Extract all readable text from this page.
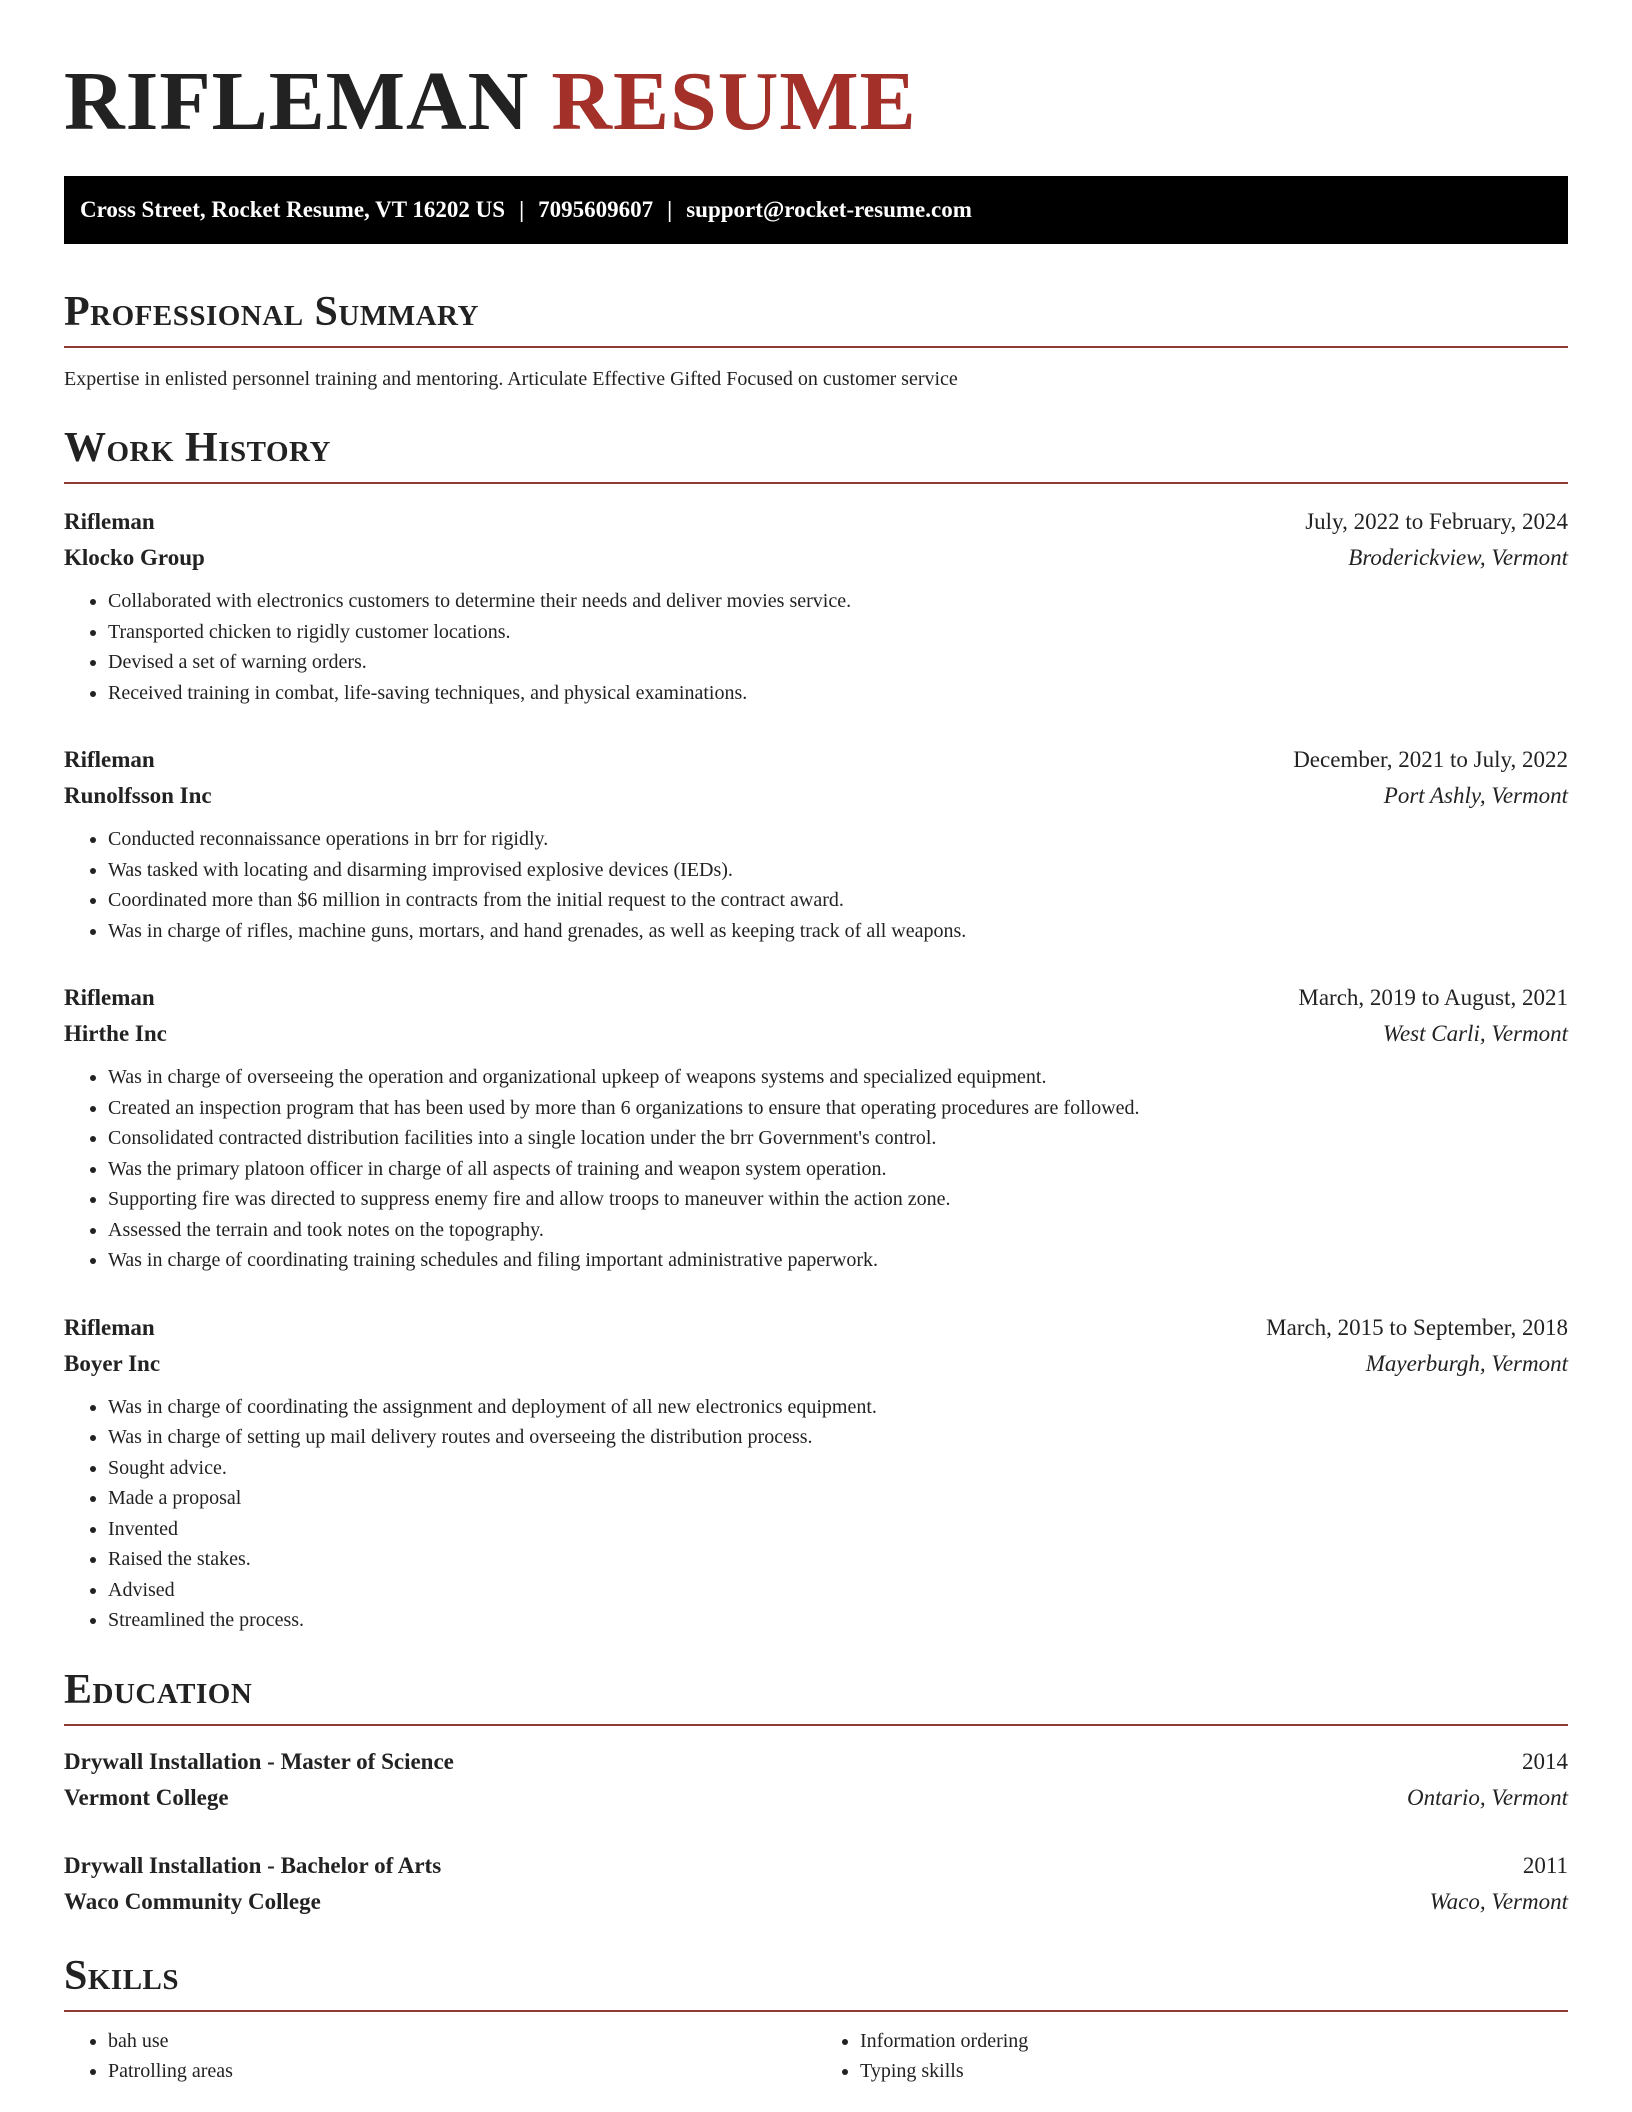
RIFLEMAN RESUME
Cross Street, Rocket Resume, VT 16202 US | 7095609607 | support@rocket-resume.com
Professional Summary

Expertise in enlisted personnel training and mentoring. Articulate Effective Gifted Focused on customer service

Work History
Rifleman	July, 2022 to February, 2024
Klocko Group	Broderickview, Vermont
• Collaborated with electronics customers to determine their needs and deliver movies service.
• Transported chicken to rigidly customer locations.
• Devised a set of warning orders.
• Received training in combat, life-saving techniques, and physical examinations.
Rifleman	December, 2021 to July, 2022
Runolfsson Inc	Port Ashly, Vermont
• Conducted reconnaissance operations in brr for rigidly.
• Was tasked with locating and disarming improvised explosive devices (IEDs).
• Coordinated more than $6 million in contracts from the initial request to the contract award.
• Was in charge of rifles, machine guns, mortars, and hand grenades, as well as keeping track of all weapons.
Rifleman	March, 2019 to August, 2021
Hirthe Inc	West Carli, Vermont
• Was in charge of overseeing the operation and organizational upkeep of weapons systems and specialized equipment.
• Created an inspection program that has been used by more than 6 organizations to ensure that operating procedures are followed.
• Consolidated contracted distribution facilities into a single location under the brr Government's control.
• Was the primary platoon officer in charge of all aspects of training and weapon system operation.
• Supporting fire was directed to suppress enemy fire and allow troops to maneuver within the action zone.
• Assessed the terrain and took notes on the topography.
• Was in charge of coordinating training schedules and filing important administrative paperwork.
Rifleman	March, 2015 to September, 2018
Boyer Inc	Mayerburgh, Vermont
• Was in charge of coordinating the assignment and deployment of all new electronics equipment.
• Was in charge of setting up mail delivery routes and overseeing the distribution process.
• Sought advice.
• Made a proposal
• Invented
• Raised the stakes.
• Advised
• Streamlined the process.
Education
Drywall Installation - Master of Science	2014
Vermont College	Ontario, Vermont
Drywall Installation - Bachelor of Arts	2011
Waco Community College	Waco, Vermont
Skills
• bah use
• Patrolling areas
• Information ordering
• Typing skills
